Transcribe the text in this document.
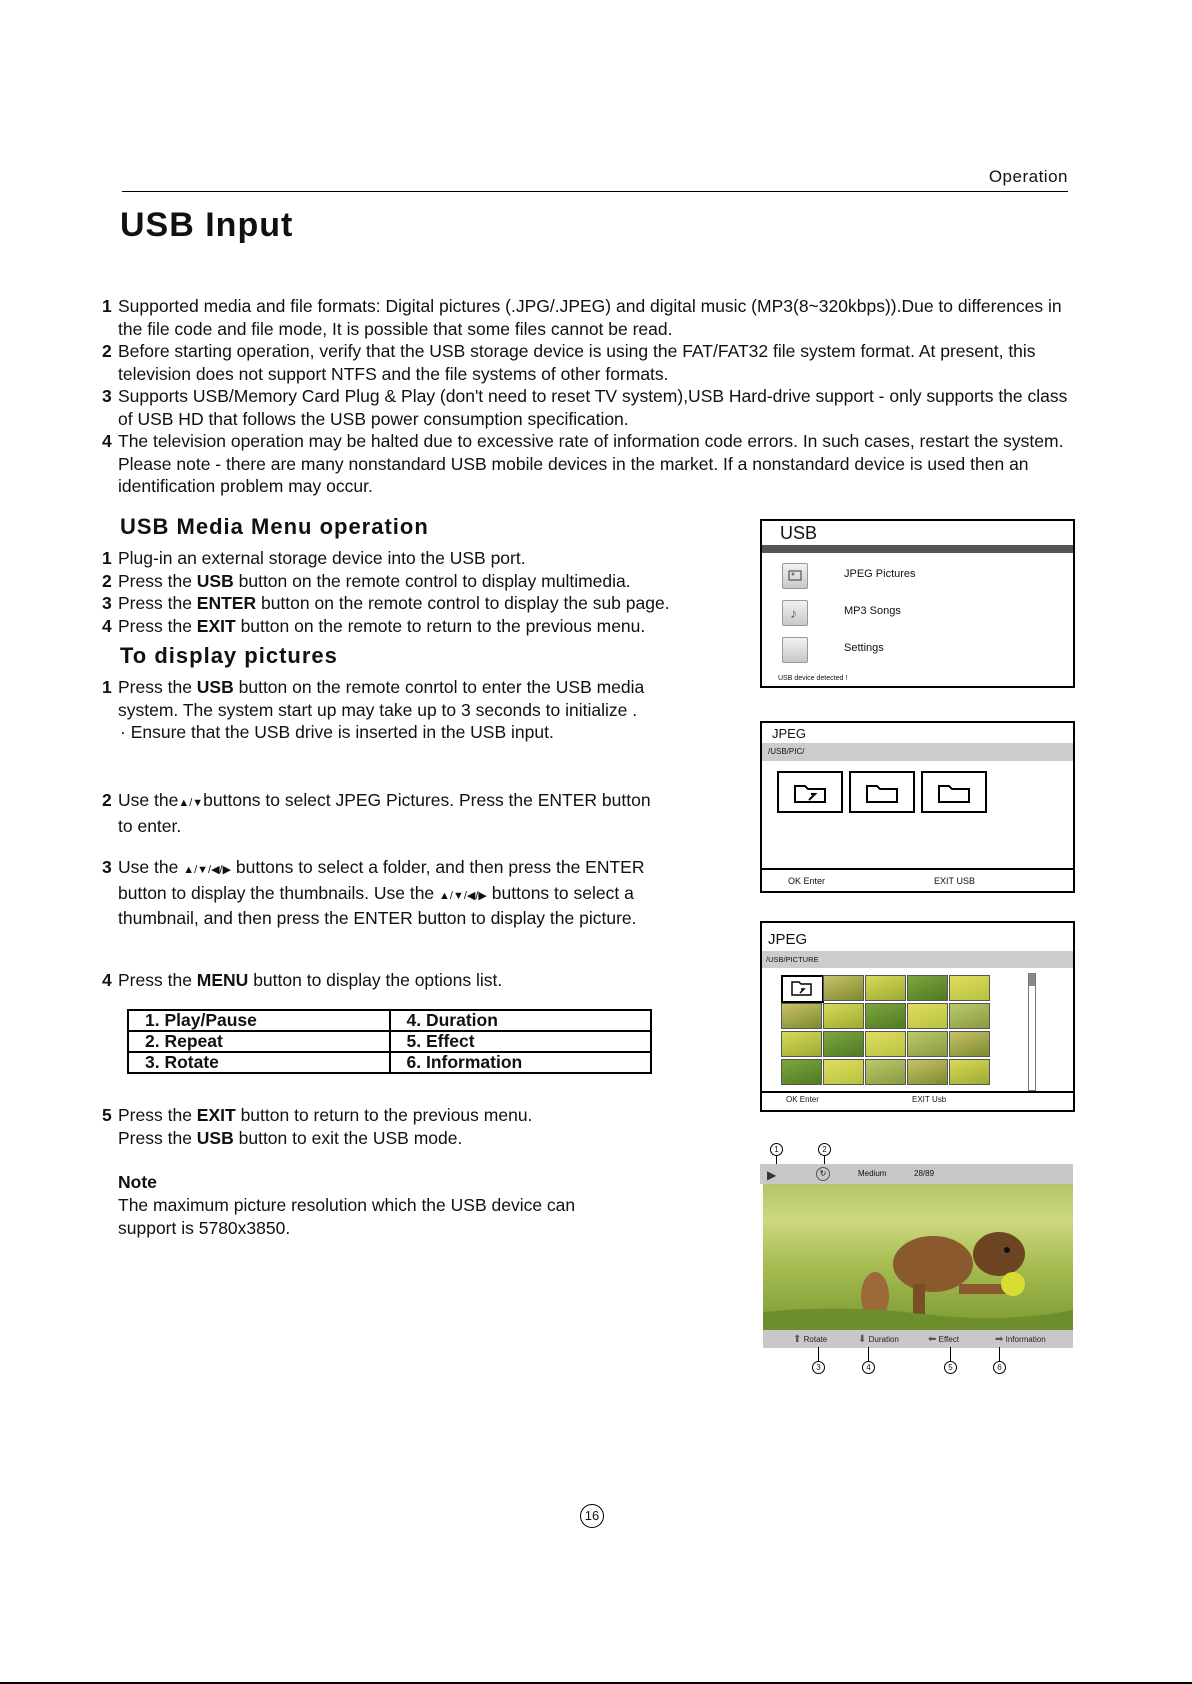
Operation
USB Input
1 Supported media and file formats: Digital pictures (.JPG/.JPEG) and digital music (MP3(8~320kbps)).Due to differences in the file code and file mode, It is possible that some files cannot be read.
2 Before starting operation, verify that the USB storage device is using the FAT/FAT32 file system format. At present, this television does not support NTFS and the file systems of other formats.
3 Supports USB/Memory Card Plug & Play (don't need to reset TV system),USB Hard-drive support - only supports the class of USB HD that follows the USB power consumption specification.
4 The television operation may be halted due to excessive rate of information code errors. In such cases, restart the system. Please note - there are many nonstandard USB mobile devices in the market. If a nonstandard device is used then an identification problem may occur.
USB Media Menu operation
1 Plug-in an external storage device into the USB port.
2 Press the USB button on the remote control to display multimedia.
3 Press the ENTER button on the remote control to display the sub page.
4 Press the EXIT button on the remote to return to the previous menu.
To display pictures
1 Press the USB button on the remote conrtol to enter the USB media system. The system start up may take up to 3 seconds to initialize .
· Ensure that the USB drive is inserted in the USB input.
2 Use the▲/▼buttons to select JPEG Pictures. Press the ENTER button to enter.
3 Use the ▲/▼/◀/▶ buttons to select a folder, and then press the ENTER button to display the thumbnails. Use the ▲/▼/◀/▶ buttons to select a thumbnail, and then press the ENTER button to display the picture.
4 Press the MENU button to display the options list.
1. Play/Pause	4. Duration
2. Repeat	5. Effect
3. Rotate	6. Information
5 Press the EXIT button to return to the previous menu.
Press the USB button to exit the USB mode.
Note
The maximum picture resolution which the USB device can support is 5780x3850.
USB
JPEG Pictures
♪	MP3 Songs
Settings
USB device detected !
JPEG
/USB/PIC/
OK Enter	EXIT USB
JPEG
/USB/PICTURE
OK Enter	EXIT Usb
1	2
▶	↻	Medium	28/89
⬆ Rotate	⬇ Duration	⬅ Effect	➡ Information
3	4	5	6
16
